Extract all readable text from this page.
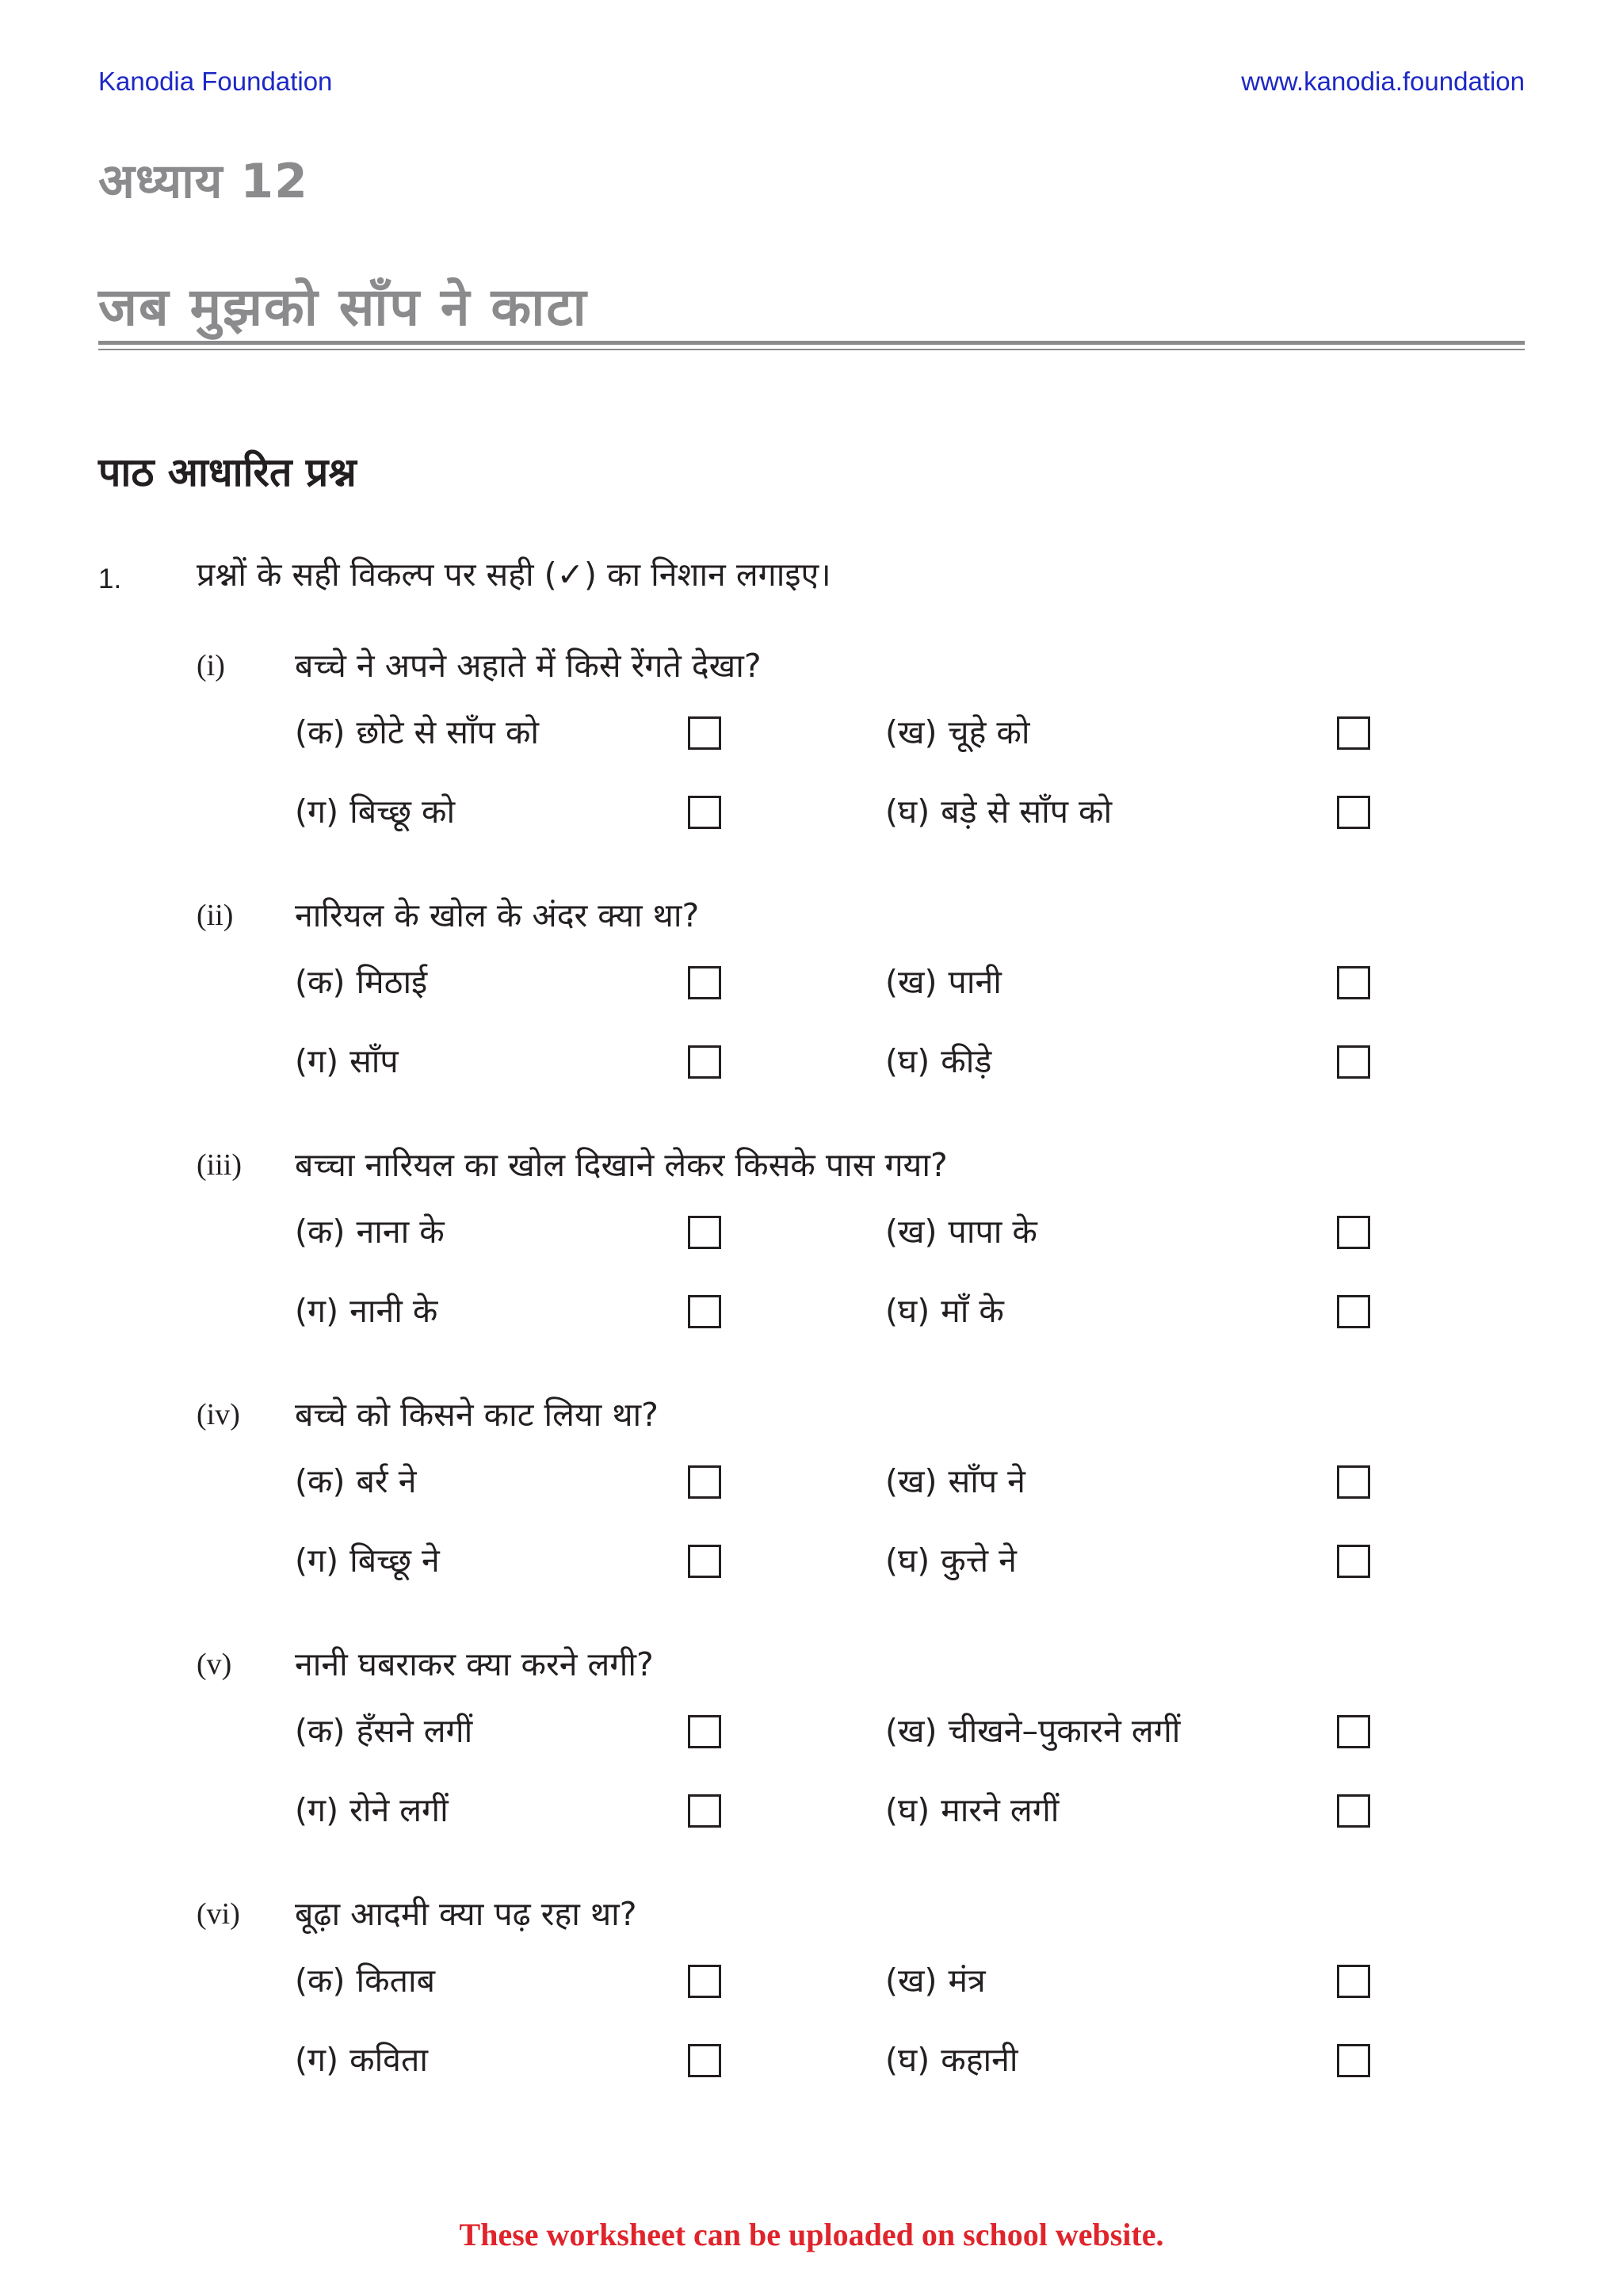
Kanodia Foundation	www.kanodia.foundation
अध्याय 12
जब मुझको साँप ने काटा
पाठ आधारित प्रश्न
1. प्रश्नों के सही विकल्प पर सही (✓) का निशान लगाइए।
(i) बच्चे ने अपने अहाते में किसे रेंगते देखा?
(क) छोटे से साँप को	(ख) चूहे को
(ग) बिच्छू को	(घ) बड़े से साँप को
(ii) नारियल के खोल के अंदर क्या था?
(क) मिठाई	(ख) पानी
(ग) साँप	(घ) कीड़े
(iii) बच्चा नारियल का खोल दिखाने लेकर किसके पास गया?
(क) नाना के	(ख) पापा के
(ग) नानी के	(घ) माँ के
(iv) बच्चे को किसने काट लिया था?
(क) बर्र ने	(ख) साँप ने
(ग) बिच्छू ने	(घ) कुत्ते ने
(v) नानी घबराकर क्या करने लगी?
(क) हँसने लगीं	(ख) चीखने–पुकारने लगीं
(ग) रोने लगीं	(घ) मारने लगीं
(vi) बूढ़ा आदमी क्या पढ़ रहा था?
(क) किताब	(ख) मंत्र
(ग) कविता	(घ) कहानी
These worksheet can be uploaded on school website.
